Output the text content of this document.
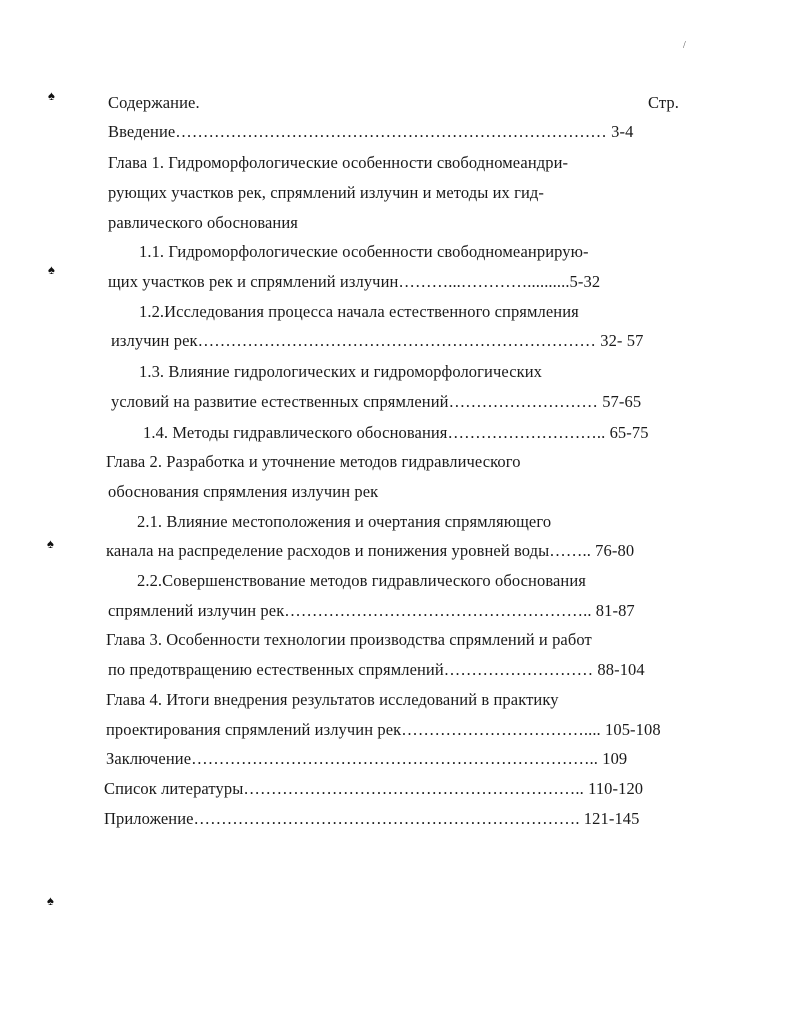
/
♠
♠
♠
♠
Содержание.	Стр.
Введение…………………………………………………………………… 3-4
Глава 1. Гидроморфологические особенности свободномеандри-
рующих участков рек, спрямлений излучин и методы их гид-
равлического обоснования
1.1. Гидроморфологические особенности свободномеанрирую-
щих участков рек и спрямлений излучин………...…………..........5-32
1.2.Исследования процесса начала естественного спрямления
излучин рек……………………………………………………………… 32- 57
1.3. Влияние гидрологических и гидроморфологических
условий на развитие естественных спрямлений……………………… 57-65
1.4. Методы гидравлического обоснования……………………….. 65-75
Глава 2. Разработка и уточнение методов гидравлического
обоснования спрямления излучин рек
2.1. Влияние местоположения и очертания спрямляющего
канала на распределение расходов и понижения уровней воды…….. 76-80
2.2.Совершенствование методов гидравлического обоснования
спрямлений излучин рек……………………………………………….. 81-87
Глава 3. Особенности технологии производства спрямлений и работ
по предотвращению естественных спрямлений……………………… 88-104
Глава 4. Итоги внедрения результатов исследований в практику
проектирования спрямлений излучин рек…………………………….... 105-108
Заключение……………………………………………………………….. 109
Список литературы…………………………………………………….. 110-120
Приложение……………………………………………………………. 121-145
